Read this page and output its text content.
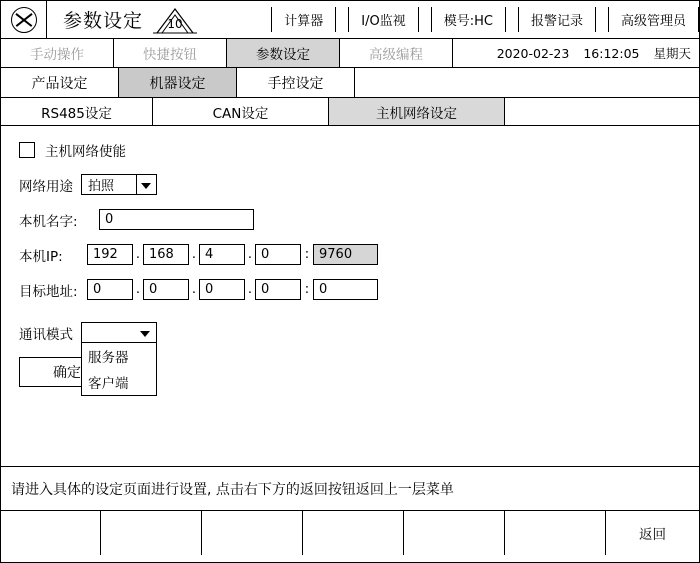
参数设定	10	计算器	I/O监视	模号:HC	报警记录	高级管理员
手动操作	快捷按钮	参数设定	高级编程	2020-02-23 16:12:05 星期天
产品设定	机器设定	手控设定
RS485设定	CAN设定	主机网络设定
主机网络使能
网络用途 拍照
本机名字:	0
本机IP:	192	. 168	. 4	. 0	: 9760
目标地址:	0	. 0	. 0	. 0	: 0
通讯模式
服务器
客户端
确定
请进入具体的设定页面进行设置, 点击右下方的返回按钮返回上一层菜单
返回
